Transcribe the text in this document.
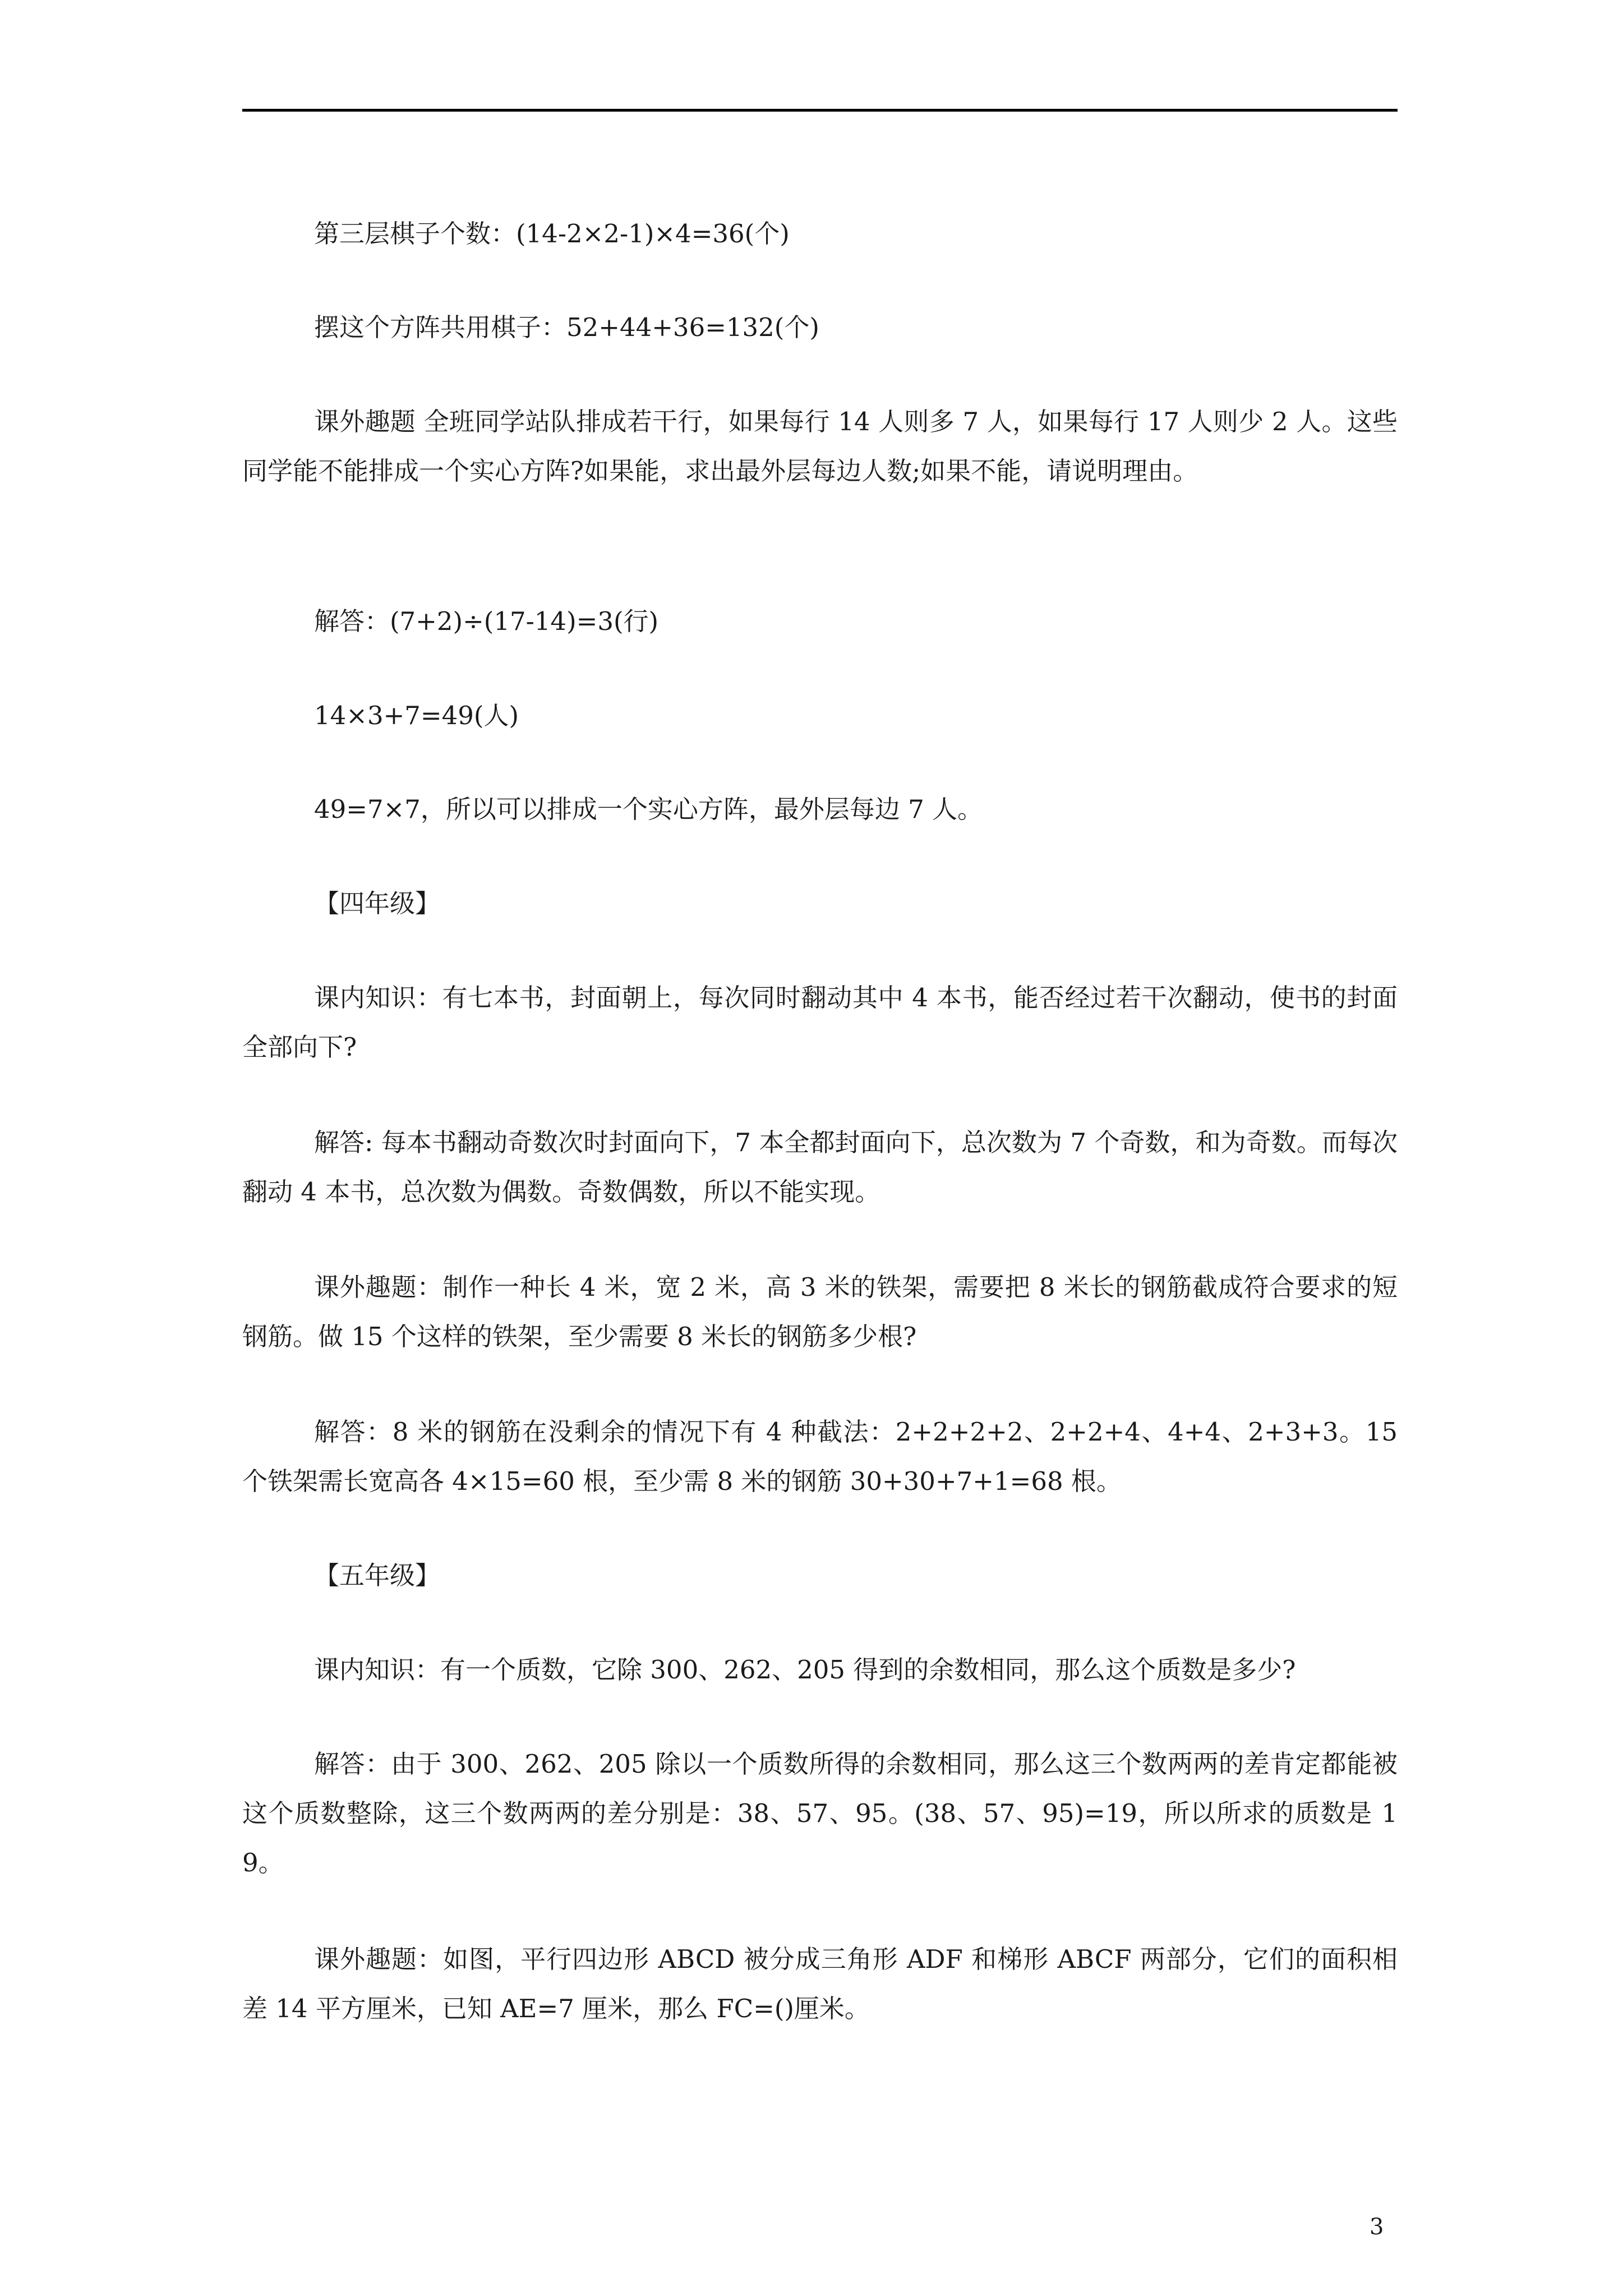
第三层棋子个数：(14-2×2-1)×4=36(个)

摆这个方阵共用棋子：52+44+36=132(个)

课外趣题 全班同学站队排成若干行，如果每行 14 人则多 7 人，如果每行 17 人则少 2 人。这些同学能不能排成一个实心方阵?如果能，求出最外层每边人数;如果不能，请说明理由。

解答：(7+2)÷(17-14)=3(行)

14×3+7=49(人)

49=7×7，所以可以排成一个实心方阵，最外层每边 7 人。

【四年级】

课内知识：有七本书，封面朝上，每次同时翻动其中 4 本书，能否经过若干次翻动，使书的封面全部向下?

解答: 每本书翻动奇数次时封面向下，7 本全都封面向下，总次数为 7 个奇数，和为奇数。而每次翻动 4 本书，总次数为偶数。奇数偶数，所以不能实现。

课外趣题：制作一种长 4 米，宽 2 米，高 3 米的铁架，需要把 8 米长的钢筋截成符合要求的短钢筋。做 15 个这样的铁架，至少需要 8 米长的钢筋多少根?

解答：8 米的钢筋在没剩余的情况下有 4 种截法：2+2+2+2、2+2+4、4+4、2+3+3。15 个铁架需长宽高各 4×15=60 根，至少需 8 米的钢筋 30+30+7+1=68 根。

【五年级】

课内知识：有一个质数，它除 300、262、205 得到的余数相同，那么这个质数是多少?

解答：由于 300、262、205 除以一个质数所得的余数相同，那么这三个数两两的差肯定都能被这个质数整除，这三个数两两的差分别是：38、57、95。(38、57、95)=19，所以所求的质数是 19。

课外趣题：如图，平行四边形 ABCD 被分成三角形 ADF 和梯形 ABCF 两部分，它们的面积相差 14 平方厘米，已知 AE=7 厘米，那么 FC=()厘米。

3
